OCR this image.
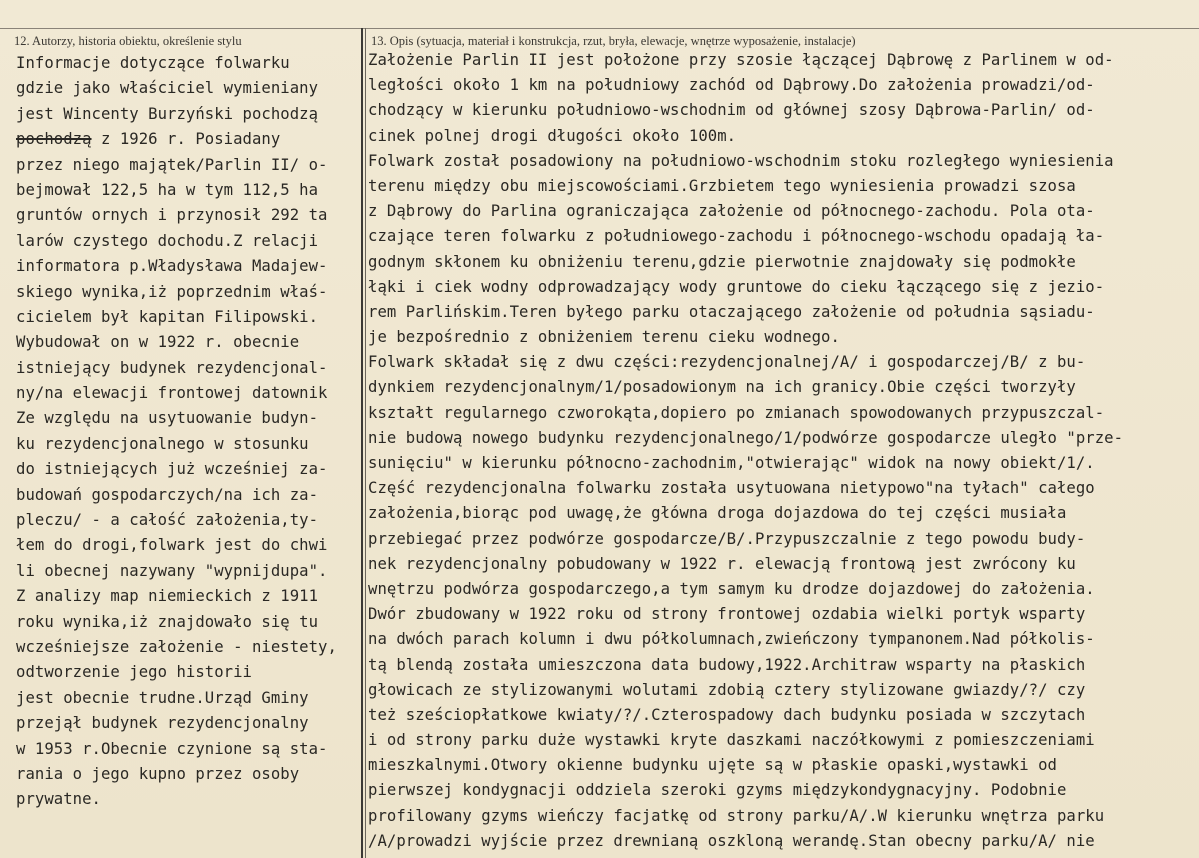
12. Autorzy, historia obiektu, określenie stylu	13. Opis (sytuacja, materiał i konstrukcja, rzut, bryła, elewacje, wnętrze wyposażenie, instalacje)
Informacje dotyczące folwarku
gdzie jako właściciel wymieniany
jest Wincenty Burzyński pochodzą
pochodzą z 1926 r. Posiadany
przez niego majątek/Parlin II/ o-
bejmował 122,5 ha w tym 112,5 ha
gruntów ornych i przynosił 292 ta
larów czystego dochodu.Z relacji
informatora p.Władysława Madajew-
skiego wynika,iż poprzednim właś-
cicielem był kapitan Filipowski.
Wybudował on w 1922 r. obecnie
istniejący budynek rezydencjonal-
ny/na elewacji frontowej datownik
Ze względu na usytuowanie budyn-
ku rezydencjonalnego w stosunku
do istniejących już wcześniej za-
budowań gospodarczych/na ich za-
pleczu/ - a całość założenia,ty-
łem do drogi,folwark jest do chwi
li obecnej nazywany "wypnijdupa".
Z analizy map niemieckich z 1911
roku wynika,iż znajdowało się tu
wcześniejsze założenie - niestety,
odtworzenie jego historii
jest obecnie trudne.Urząd Gminy
przejął budynek rezydencjonalny
w 1953 r.Obecnie czynione są sta-
rania o jego kupno przez osoby
prywatne.
Założenie Parlin II jest położone przy szosie łączącej Dąbrowę z Parlinem w od-
ległości około 1 km na południowy zachód od Dąbrowy.Do założenia prowadzi/od-
chodzący w kierunku południowo-wschodnim od głównej szosy Dąbrowa-Parlin/ od-
cinek polnej drogi długości około 100m.
Folwark został posadowiony na południowo-wschodnim stoku rozległego wyniesienia
terenu między obu miejscowościami.Grzbietem tego wyniesienia prowadzi szosa
z Dąbrowy do Parlina ograniczająca założenie od północnego-zachodu. Pola ota-
czające teren folwarku z południowego-zachodu i północnego-wschodu opadają ła-
godnym skłonem ku obniżeniu terenu,gdzie pierwotnie znajdowały się podmokłe
łąki i ciek wodny odprowadzający wody gruntowe do cieku łączącego się z jezio-
rem Parlińskim.Teren byłego parku otaczającego założenie od południa sąsiadu-
je bezpośrednio z obniżeniem terenu cieku wodnego.
Folwark składał się z dwu części:rezydencjonalnej/A/ i gospodarczej/B/ z bu-
dynkiem rezydencjonalnym/1/posadowionym na ich granicy.Obie części tworzyły
kształt regularnego czworokąta,dopiero po zmianach spowodowanych przypuszczal-
nie budową nowego budynku rezydencjonalnego/1/podwórze gospodarcze uległo "prze-
sunięciu" w kierunku północno-zachodnim,"otwierając" widok na nowy obiekt/1/.
Część rezydencjonalna folwarku została usytuowana nietypowo"na tyłach" całego
założenia,biorąc pod uwagę,że główna droga dojazdowa do tej części musiała
przebiegać przez podwórze gospodarcze/B/.Przypuszczalnie z tego powodu budy-
nek rezydencjonalny pobudowany w 1922 r. elewacją frontową jest zwrócony ku
wnętrzu podwórza gospodarczego,a tym samym ku drodze dojazdowej do założenia.
Dwór zbudowany w 1922 roku od strony frontowej ozdabia wielki portyk wsparty
na dwóch parach kolumn i dwu półkolumnach,zwieńczony tympanonem.Nad półkolis-
tą blendą została umieszczona data budowy,1922.Architraw wsparty na płaskich
głowicach ze stylizowanymi wolutami zdobią cztery stylizowane gwiazdy/?/ czy
też sześciopłatkowe kwiaty/?/.Czterospadowy dach budynku posiada w szczytach
i od strony parku duże wystawki kryte daszkami naczółkowymi z pomieszczeniami
mieszkalnymi.Otwory okienne budynku ujęte są w płaskie opaski,wystawki od
pierwszej kondygnacji oddziela szeroki gzyms międzykondygnacyjny. Podobnie
profilowany gzyms wieńczy facjatkę od strony parku/A/.W kierunku wnętrza parku
/A/prowadzi wyjście przez drewnianą oszkloną werandę.Stan obecny parku/A/ nie
